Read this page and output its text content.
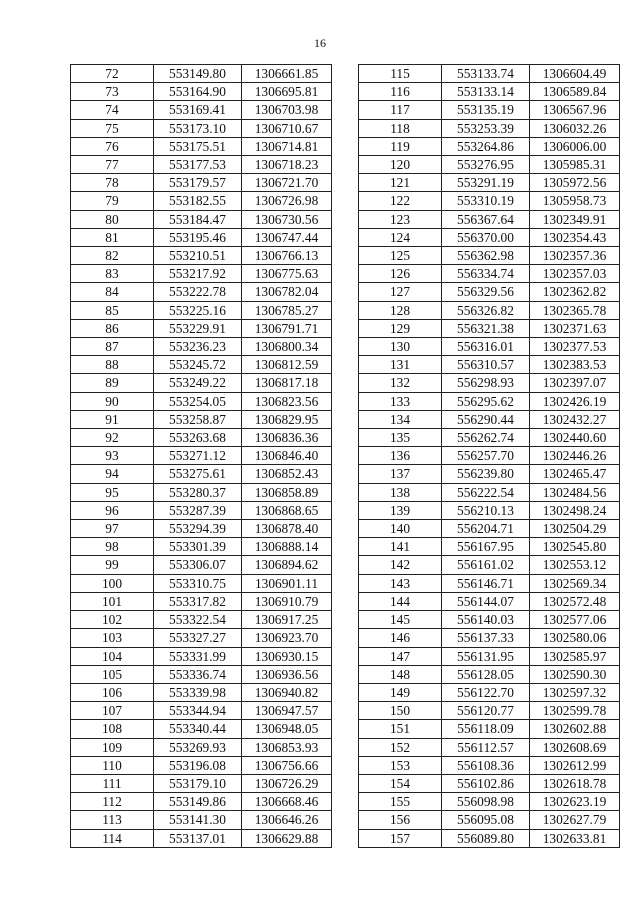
16
72	553149.80	1306661.85
73	553164.90	1306695.81
74	553169.41	1306703.98
75	553173.10	1306710.67
76	553175.51	1306714.81
77	553177.53	1306718.23
78	553179.57	1306721.70
79	553182.55	1306726.98
80	553184.47	1306730.56
81	553195.46	1306747.44
82	553210.51	1306766.13
83	553217.92	1306775.63
84	553222.78	1306782.04
85	553225.16	1306785.27
86	553229.91	1306791.71
87	553236.23	1306800.34
88	553245.72	1306812.59
89	553249.22	1306817.18
90	553254.05	1306823.56
91	553258.87	1306829.95
92	553263.68	1306836.36
93	553271.12	1306846.40
94	553275.61	1306852.43
95	553280.37	1306858.89
96	553287.39	1306868.65
97	553294.39	1306878.40
98	553301.39	1306888.14
99	553306.07	1306894.62
100	553310.75	1306901.11
101	553317.82	1306910.79
102	553322.54	1306917.25
103	553327.27	1306923.70
104	553331.99	1306930.15
105	553336.74	1306936.56
106	553339.98	1306940.82
107	553344.94	1306947.57
108	553340.44	1306948.05
109	553269.93	1306853.93
110	553196.08	1306756.66
111	553179.10	1306726.29
112	553149.86	1306668.46
113	553141.30	1306646.26
114	553137.01	1306629.88
115	553133.74	1306604.49
116	553133.14	1306589.84
117	553135.19	1306567.96
118	553253.39	1306032.26
119	553264.86	1306006.00
120	553276.95	1305985.31
121	553291.19	1305972.56
122	553310.19	1305958.73
123	556367.64	1302349.91
124	556370.00	1302354.43
125	556362.98	1302357.36
126	556334.74	1302357.03
127	556329.56	1302362.82
128	556326.82	1302365.78
129	556321.38	1302371.63
130	556316.01	1302377.53
131	556310.57	1302383.53
132	556298.93	1302397.07
133	556295.62	1302426.19
134	556290.44	1302432.27
135	556262.74	1302440.60
136	556257.70	1302446.26
137	556239.80	1302465.47
138	556222.54	1302484.56
139	556210.13	1302498.24
140	556204.71	1302504.29
141	556167.95	1302545.80
142	556161.02	1302553.12
143	556146.71	1302569.34
144	556144.07	1302572.48
145	556140.03	1302577.06
146	556137.33	1302580.06
147	556131.95	1302585.97
148	556128.05	1302590.30
149	556122.70	1302597.32
150	556120.77	1302599.78
151	556118.09	1302602.88
152	556112.57	1302608.69
153	556108.36	1302612.99
154	556102.86	1302618.78
155	556098.98	1302623.19
156	556095.08	1302627.79
157	556089.80	1302633.81
